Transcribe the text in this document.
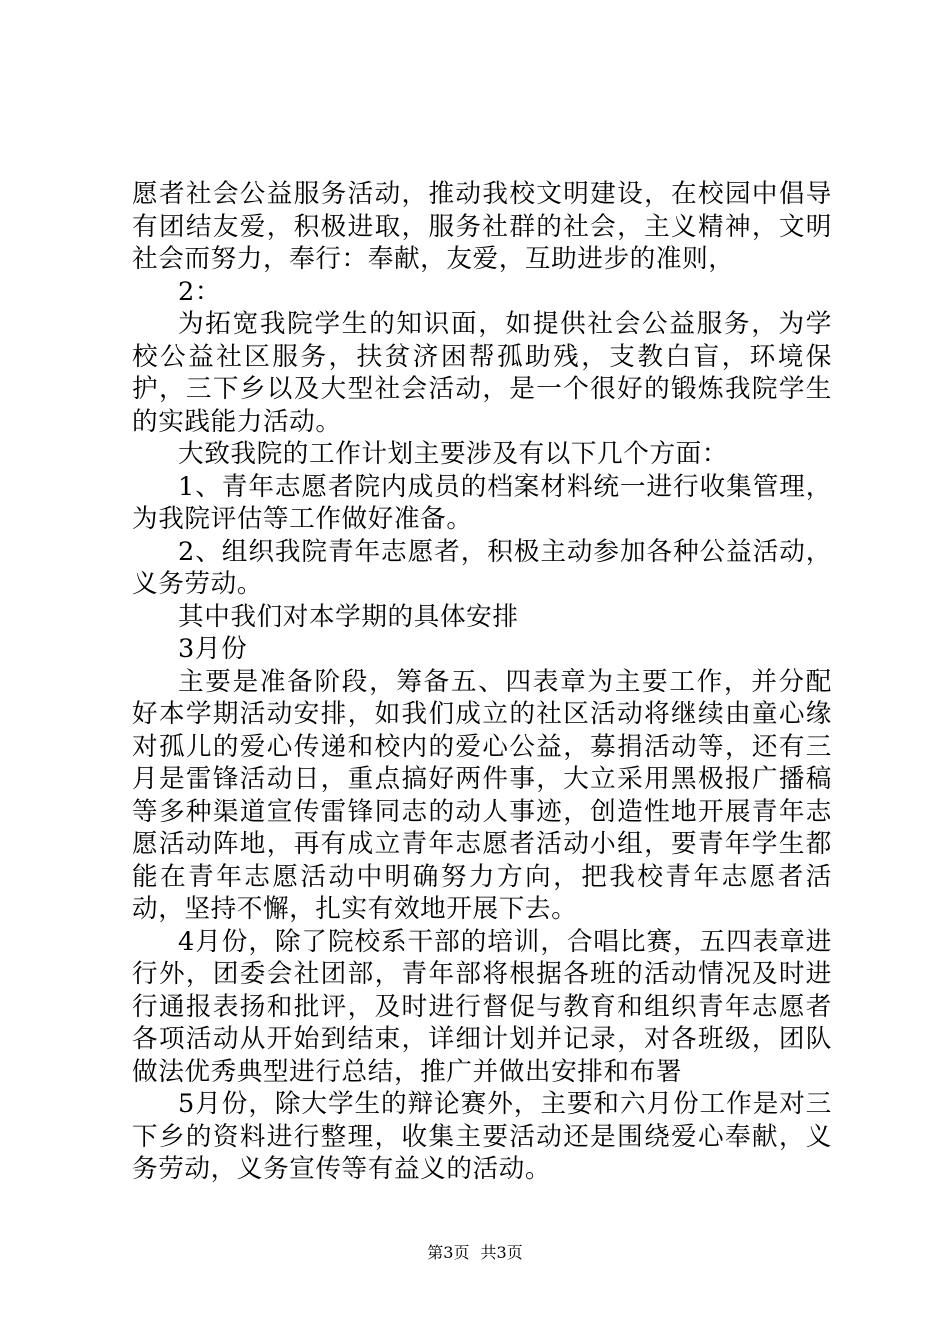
愿者社会公益服务活动，推动我校文明建设，在校园中倡导有团结友爱，积极进取，服务社群的社会，主义精神，文明社会而努力，奉行：奉献，友爱，互助进步的准则，

2：

为拓宽我院学生的知识面，如提供社会公益服务，为学校公益社区服务，扶贫济困帮孤助残，支教白盲，环境保护，三下乡以及大型社会活动，是一个很好的锻炼我院学生的实践能力活动。

大致我院的工作计划主要涉及有以下几个方面：

1、青年志愿者院内成员的档案材料统一进行收集管理，为我院评估等工作做好准备。

2、组织我院青年志愿者，积极主动参加各种公益活动，义务劳动。

其中我们对本学期的具体安排

3月份

主要是准备阶段，筹备五、四表章为主要工作，并分配好本学期活动安排，如我们成立的社区活动将继续由童心缘对孤儿的爱心传递和校内的爱心公益，募捐活动等，还有三月是雷锋活动日，重点搞好两件事，大立采用黑极报广播稿等多种渠道宣传雷锋同志的动人事迹，创造性地开展青年志愿活动阵地，再有成立青年志愿者活动小组，要青年学生都能在青年志愿活动中明确努力方向，把我校青年志愿者活动，坚持不懈，扎实有效地开展下去。

4月份，除了院校系干部的培训，合唱比赛，五四表章进行外，团委会社团部，青年部将根据各班的活动情况及时进行通报表扬和批评，及时进行督促与教育和组织青年志愿者各项活动从开始到结束，详细计划并记录，对各班级，团队做法优秀典型进行总结，推广并做出安排和布署

5月份，除大学生的辩论赛外，主要和六月份工作是对三下乡的资料进行整理，收集主要活动还是围绕爱心奉献，义务劳动，义务宣传等有益义的活动。

第3页 共3页
